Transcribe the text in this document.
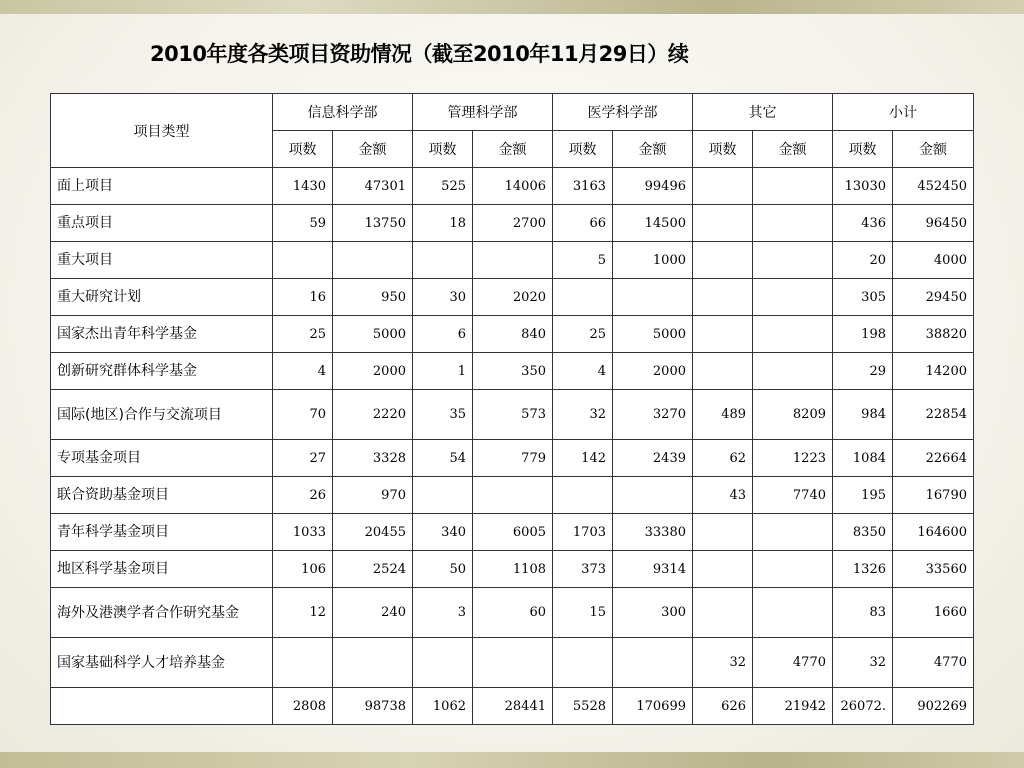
2010年度各类项目资助情况（截至2010年11月29日）续
项目类型	信息科学部		管理科学部		医学科学部		其它		小计	
	项数	金额	项数	金额	项数	金额	项数	金额	项数	金额
面上项目	1430	47301	525	14006	3163	99496			13030	452450
重点项目	59	13750	18	2700	66	14500			436	96450
重大项目					5	1000			20	4000
重大研究计划	16	950	30	2020					305	29450
国家杰出青年科学基金	25	5000	6	840	25	5000			198	38820
创新研究群体科学基金	4	2000	1	350	4	2000			29	14200
国际(地区)合作与交流项目	70	2220	35	573	32	3270	489	8209	984	22854
专项基金项目	27	3328	54	779	142	2439	62	1223	1084	22664
联合资助基金项目	26	970					43	7740	195	16790
青年科学基金项目	1033	20455	340	6005	1703	33380			8350	164600
地区科学基金项目	106	2524	50	1108	373	9314			1326	33560
海外及港澳学者合作研究基金	12	240	3	60	15	300			83	1660
国家基础科学人才培养基金							32	4770	32	4770
	2808	98738	1062	28441	5528	170699	626	21942	26072.	902269
